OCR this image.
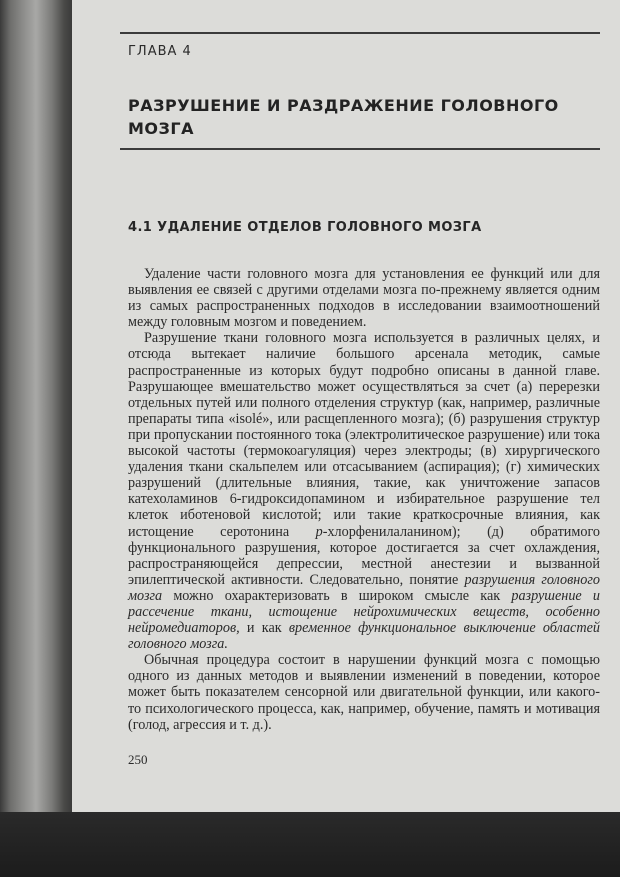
ГЛАВА 4
РАЗРУШЕНИЕ И РАЗДРАЖЕНИЕ ГОЛОВНОГО МОЗГА
4.1 УДАЛЕНИЕ ОТДЕЛОВ ГОЛОВНОГО МОЗГА

Удаление части головного мозга для установления ее функций или для выявления ее связей с другими отделами мозга по-прежнему является одним из самых распространенных подходов в исследовании взаимоотношений между головным мозгом и поведением.

Разрушение ткани головного мозга используется в различных целях, и отсюда вытекает наличие большого арсенала методик, самые распространенные из которых будут подробно описаны в данной главе. Разрушающее вмешательство может осуществляться за счет (а) перерезки отдельных путей или полного отделения структур (как, например, различные препараты типа «isolé», или расщепленного мозга); (б) разрушения структур при пропускании постоянного тока (электролитическое разрушение) или тока высокой частоты (термокоагуляция) через электроды; (в) хирургического удаления ткани скальпелем или отсасыванием (аспирация); (г) химических разрушений (длительные влияния, такие, как уничтожение запасов катехоламинов 6-гидроксидопамином и избирательное разрушение тел клеток иботеновой кислотой; или такие краткосрочные влияния, как истощение серотонина p-хлорфенилаланином); (д) обратимого функционального разрушения, которое достигается за счет охлаждения, распространяющейся депрессии, местной анестезии и вызванной эпилептической активности. Следовательно, понятие разрушения головного мозга можно охарактеризовать в широком смысле как разрушение и рассечение ткани, истощение нейрохимических веществ, особенно нейромедиаторов, и как временное функциональное выключение областей головного мозга.

Обычная процедура состоит в нарушении функций мозга с помощью одного из данных методов и выявлении изменений в поведении, которое может быть показателем сенсорной или двигательной функции, или какого-то психологического процесса, как, например, обучение, память и мотивация (голод, агрессия и т. д.).

250
